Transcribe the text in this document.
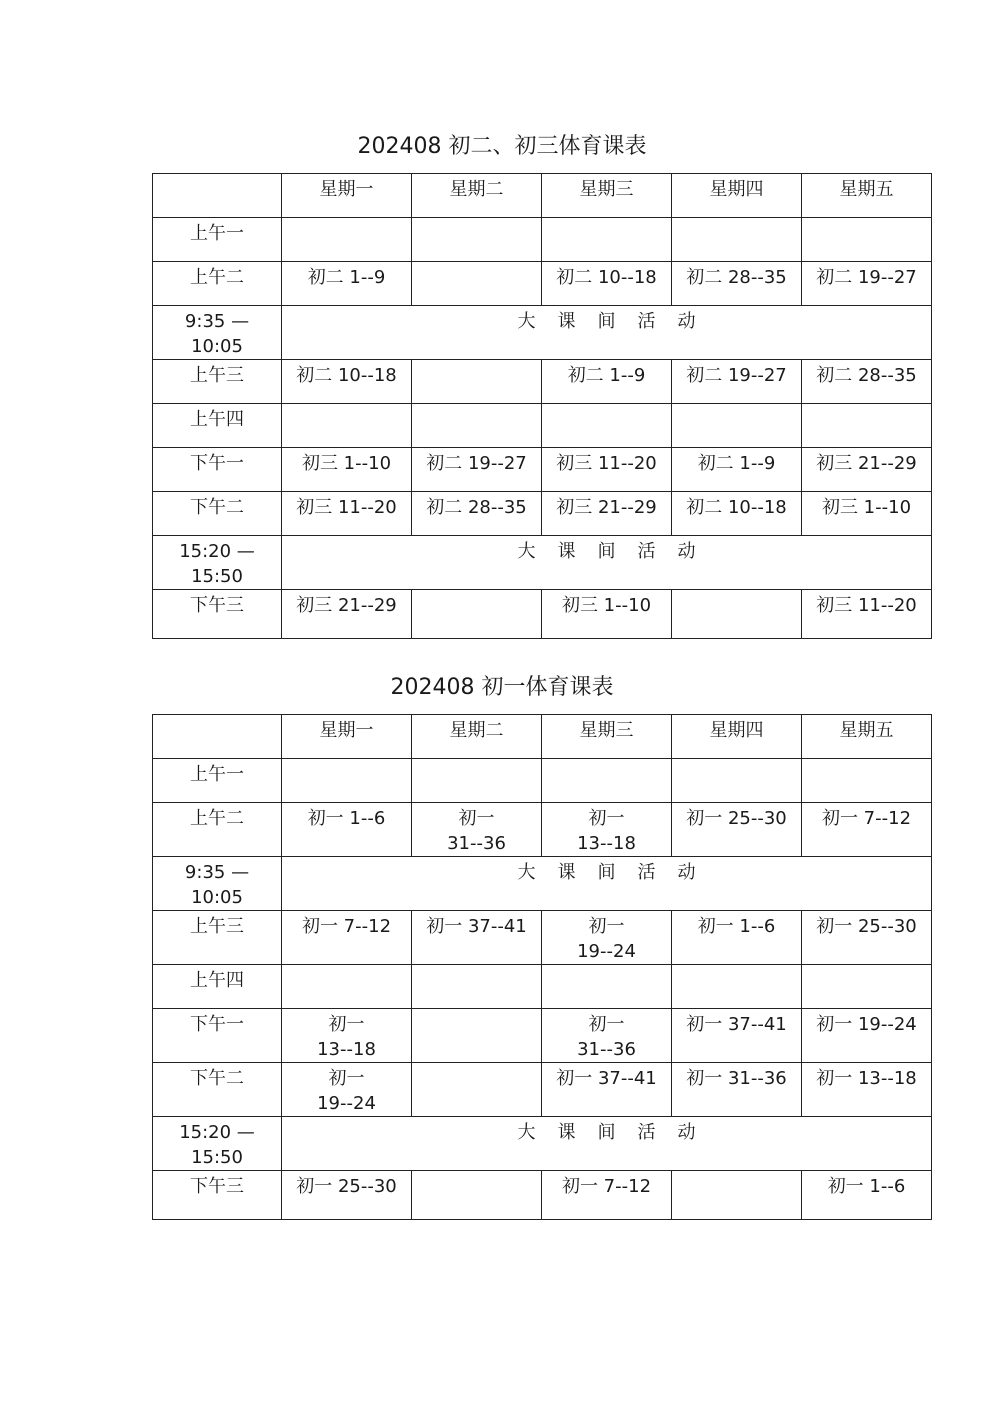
202408 初二、初三体育课表
	星期一	星期二	星期三	星期四	星期五
上午一					
上午二	初二 1--9		初二 10--18	初二 28--35	初二 19--27
9:35 —
10:05	大 课 间 活 动				
上午三	初二 10--18		初二 1--9	初二 19--27	初二 28--35
上午四					
下午一	初三 1--10	初二 19--27	初三 11--20	初二 1--9	初三 21--29
下午二	初三 11--20	初二 28--35	初三 21--29	初二 10--18	初三 1--10
15:20 —
15:50	大 课 间 活 动				
下午三	初三 21--29		初三 1--10		初三 11--20
202408 初一体育课表
	星期一	星期二	星期三	星期四	星期五
上午一					
上午二	初一 1--6	初一
31--36	初一
13--18	初一 25--30	初一 7--12
9:35 —
10:05	大 课 间 活 动				
上午三	初一 7--12	初一 37--41	初一
19--24	初一 1--6	初一 25--30
上午四					
下午一	初一
13--18		初一
31--36	初一 37--41	初一 19--24
下午二	初一
19--24		初一 37--41	初一 31--36	初一 13--18
15:20 —
15:50	大 课 间 活 动				
下午三	初一 25--30		初一 7--12		初一 1--6
